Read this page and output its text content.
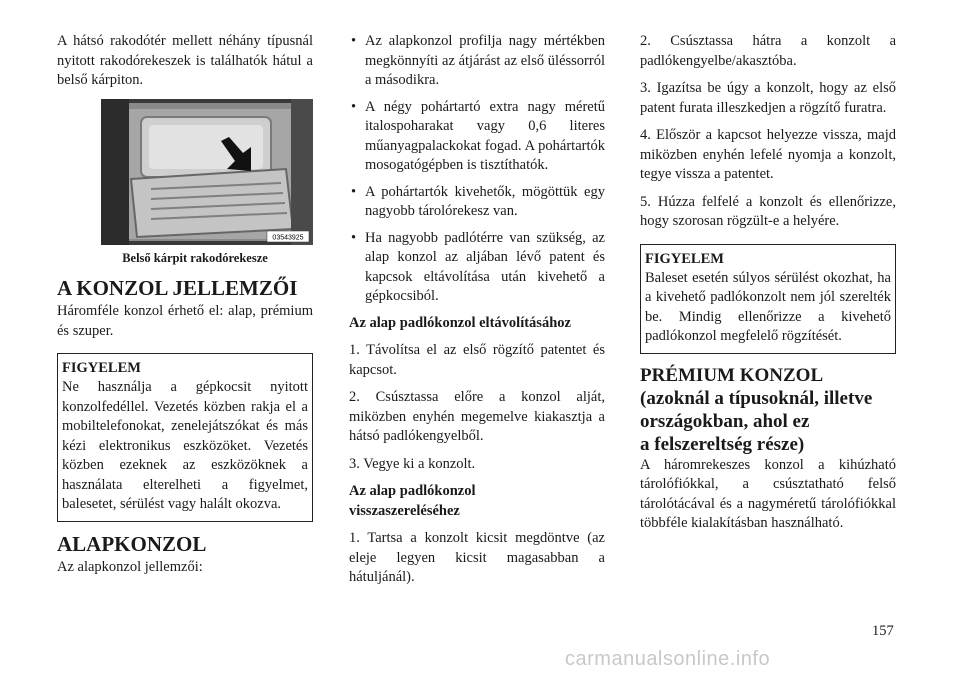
A hátsó rakodótér mellett néhány típusnál nyitott rakodórekeszek is találhatók hátul a belső kárpiton.

03543925

Belső kárpit rakodórekesze

A KONZOL JELLEMZŐI

Háromféle konzol érhető el: alap, prémium és szuper.

FIGYELEM

Ne használja a gépkocsit nyitott konzolfedéllel. Vezetés közben rakja el a mobiltelefonokat, zenelejátszókat és más kézi elektronikus eszközöket. Vezetés közben ezeknek az eszközöknek a használata elterelheti a figyelmet, balesetet, sérülést vagy halált okozva.

ALAPKONZOL

Az alapkonzol jellemzői:

• Az alapkonzol profilja nagy mértékben megkönnyíti az átjárást az első üléssorról a másodikra.
• A négy pohártartó extra nagy méretű italospoharakat vagy 0,6 literes műanyagpalackokat fogad. A pohártartók mosogatógépben is tisztíthatók.
• A pohártartók kivehetők, mögöttük egy nagyobb tárolórekesz van.
• Ha nagyobb padlótérre van szükség, az alap konzol az aljában lévő patent és kapcsok eltávolítása után kivehető a gépkocsiból.

Az alap padlókonzol eltávolításához

1. Távolítsa el az első rögzítő patentet és kapcsot.

2. Csúsztassa előre a konzol alját, miközben enyhén megemelve kiakasztja a hátsó padlókengyelből.

3. Vegye ki a konzolt.

Az alap padlókonzol

visszaszereléséhez

1. Tartsa a konzolt kicsit megdöntve (az eleje legyen kicsit magasabban a hátuljánál).

2. Csúsztassa hátra a konzolt a padlókengyelbe/akasztóba.

3. Igazítsa be úgy a konzolt, hogy az első patent furata illeszkedjen a rögzítő furatra.

4. Először a kapcsot helyezze vissza, majd miközben enyhén lefelé nyomja a konzolt, tegye vissza a patentet.

5. Húzza felfelé a konzolt és ellenőrizze, hogy szorosan rögzült-e a helyére.

FIGYELEM

Baleset esetén súlyos sérülést okozhat, ha a kivehető padlókonzolt nem jól szerelték be. Mindig ellenőrizze a kivehető padlókonzol megfelelő rögzítését.

PRÉMIUM KONZOL
(azoknál a típusoknál, illetve
országokban, ahol ez
a felszereltség része)

A háromrekeszes konzol a kihúzható tárolófiókkal, a csúsztatható felső tárolótácával és a nagyméretű tárolófiókkal többféle kialakításban használható.

157
carmanualsonline.info
